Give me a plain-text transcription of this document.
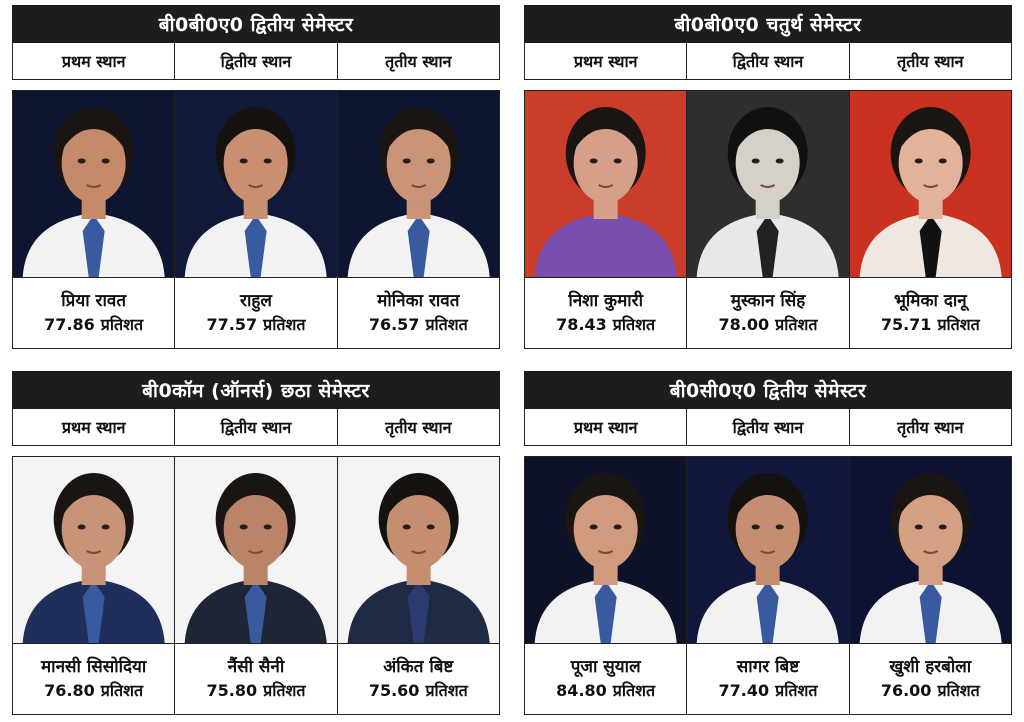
बी0बी0ए0 द्वितीय सेमेस्टर
प्रथम स्थान	द्वितीय स्थान	तृतीय स्थान
प्रिया रावत
77.86 प्रतिशत
राहुल
77.57 प्रतिशत
मोनिका रावत
76.57 प्रतिशत
बी0बी0ए0 चतुर्थ सेमेस्टर
प्रथम स्थान	द्वितीय स्थान	तृतीय स्थान
निशा कुमारी
78.43 प्रतिशत
मुस्कान सिंह
78.00 प्रतिशत
भूमिका दानू
75.71 प्रतिशत
बी0कॉम (ऑनर्स) छठा सेमेस्टर
प्रथम स्थान	द्वितीय स्थान	तृतीय स्थान
मानसी सिसोदिया
76.80 प्रतिशत
नैंसी सैनी
75.80 प्रतिशत
अंकित बिष्ट
75.60 प्रतिशत
बी0सी0ए0 द्वितीय सेमेस्टर
प्रथम स्थान	द्वितीय स्थान	तृतीय स्थान
पूजा सुयाल
84.80 प्रतिशत
सागर बिष्ट
77.40 प्रतिशत
खुशी हरबोला
76.00 प्रतिशत
